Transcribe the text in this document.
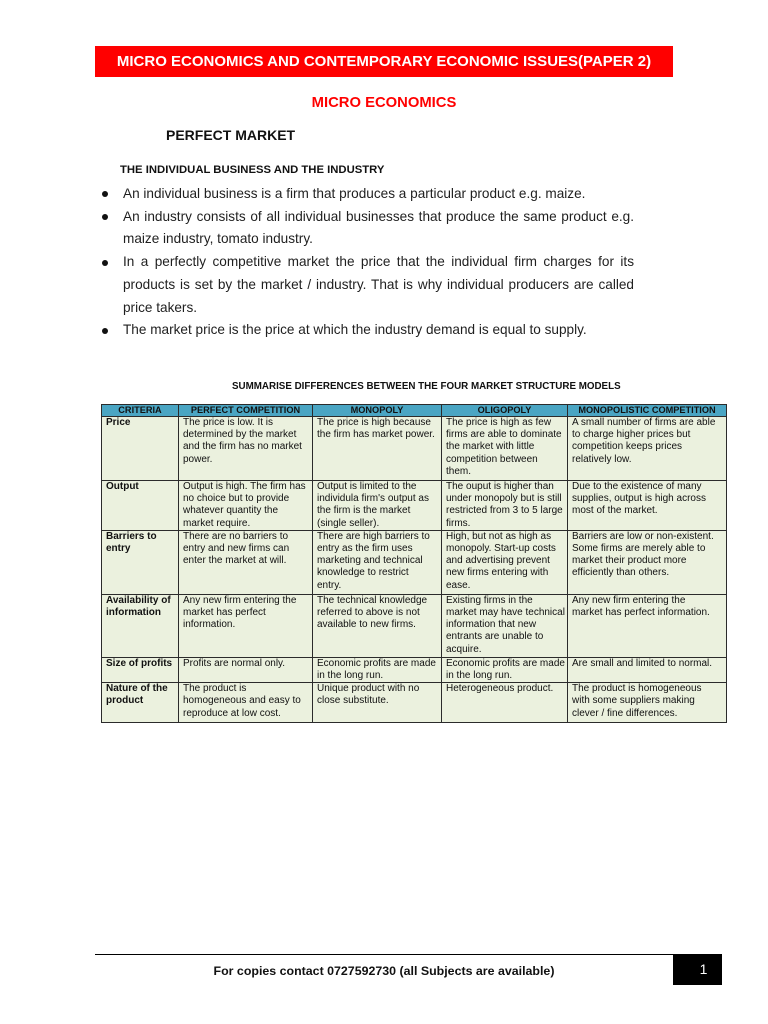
MICRO ECONOMICS AND CONTEMPORARY ECONOMIC ISSUES(PAPER 2)
MICRO ECONOMICS
PERFECT MARKET
THE INDIVIDUAL BUSINESS AND THE INDUSTRY
An individual business is a firm that produces a particular product e.g. maize.
An industry consists of all individual businesses that produce the same product e.g.
maize industry, tomato industry.
In a perfectly competitive market the price that the individual firm charges for its
products is set by the market / industry. That is why individual producers are called
price takers.
The market price is the price at which the industry demand is equal to supply.
SUMMARISE DIFFERENCES BETWEEN THE FOUR MARKET STRUCTURE MODELS
CRITERIA	PERFECT COMPETITION	MONOPOLY	OLIGOPOLY	MONOPOLISTIC COMPETITION
Price	The price is low. It is
determined by the market
and the firm has no market
power.	The price is high because
the firm has market power.	The price is high as few
firms are able to dominate
the market with little
competition between
them.	A small number of firms are able
to charge higher prices but
competition keeps prices
relatively low.
Output	Output is high. The firm has
no choice but to provide
whatever quantity the
market require.	Output is limited to the
individula firm's output as
the firm is the market
(single seller).	The ouput is higher than
under monopoly but is still
restricted from 3 to 5 large
firms.	Due to the existence of many
supplies, output is high across
most of the market.
Barriers to
entry	There are no barriers to
entry and new firms can
enter the market at will.	There are high barriers to
entry as the firm uses
marketing and technical
knowledge to restrict
entry.	High, but not as high as
monopoly. Start-up costs
and advertising prevent
new firms entering with
ease.	Barriers are low or non-existent.
Some firms are merely able to
market their product more
efficiently than others.
Availability of
information	Any new firm entering the
market has perfect
information.	The technical knowledge
referred to above is not
available to new firms.	Existing firms in the
market may have technical
information that new
entrants are unable to
acquire.	Any new firm entering the
market has perfect information.
Size of profits	Profits are normal only.	Economic profits are made
in the long run.	Economic profits are made
in the long run.	Are small and limited to normal.
Nature of the
product	The product is
homogeneous and easy to
reproduce at low cost.	Unique product with no
close substitute.	Heterogeneous product.	The product is homogeneous
with some suppliers making
clever / fine differences.
For copies contact 0727592730 (all Subjects are available)	1
